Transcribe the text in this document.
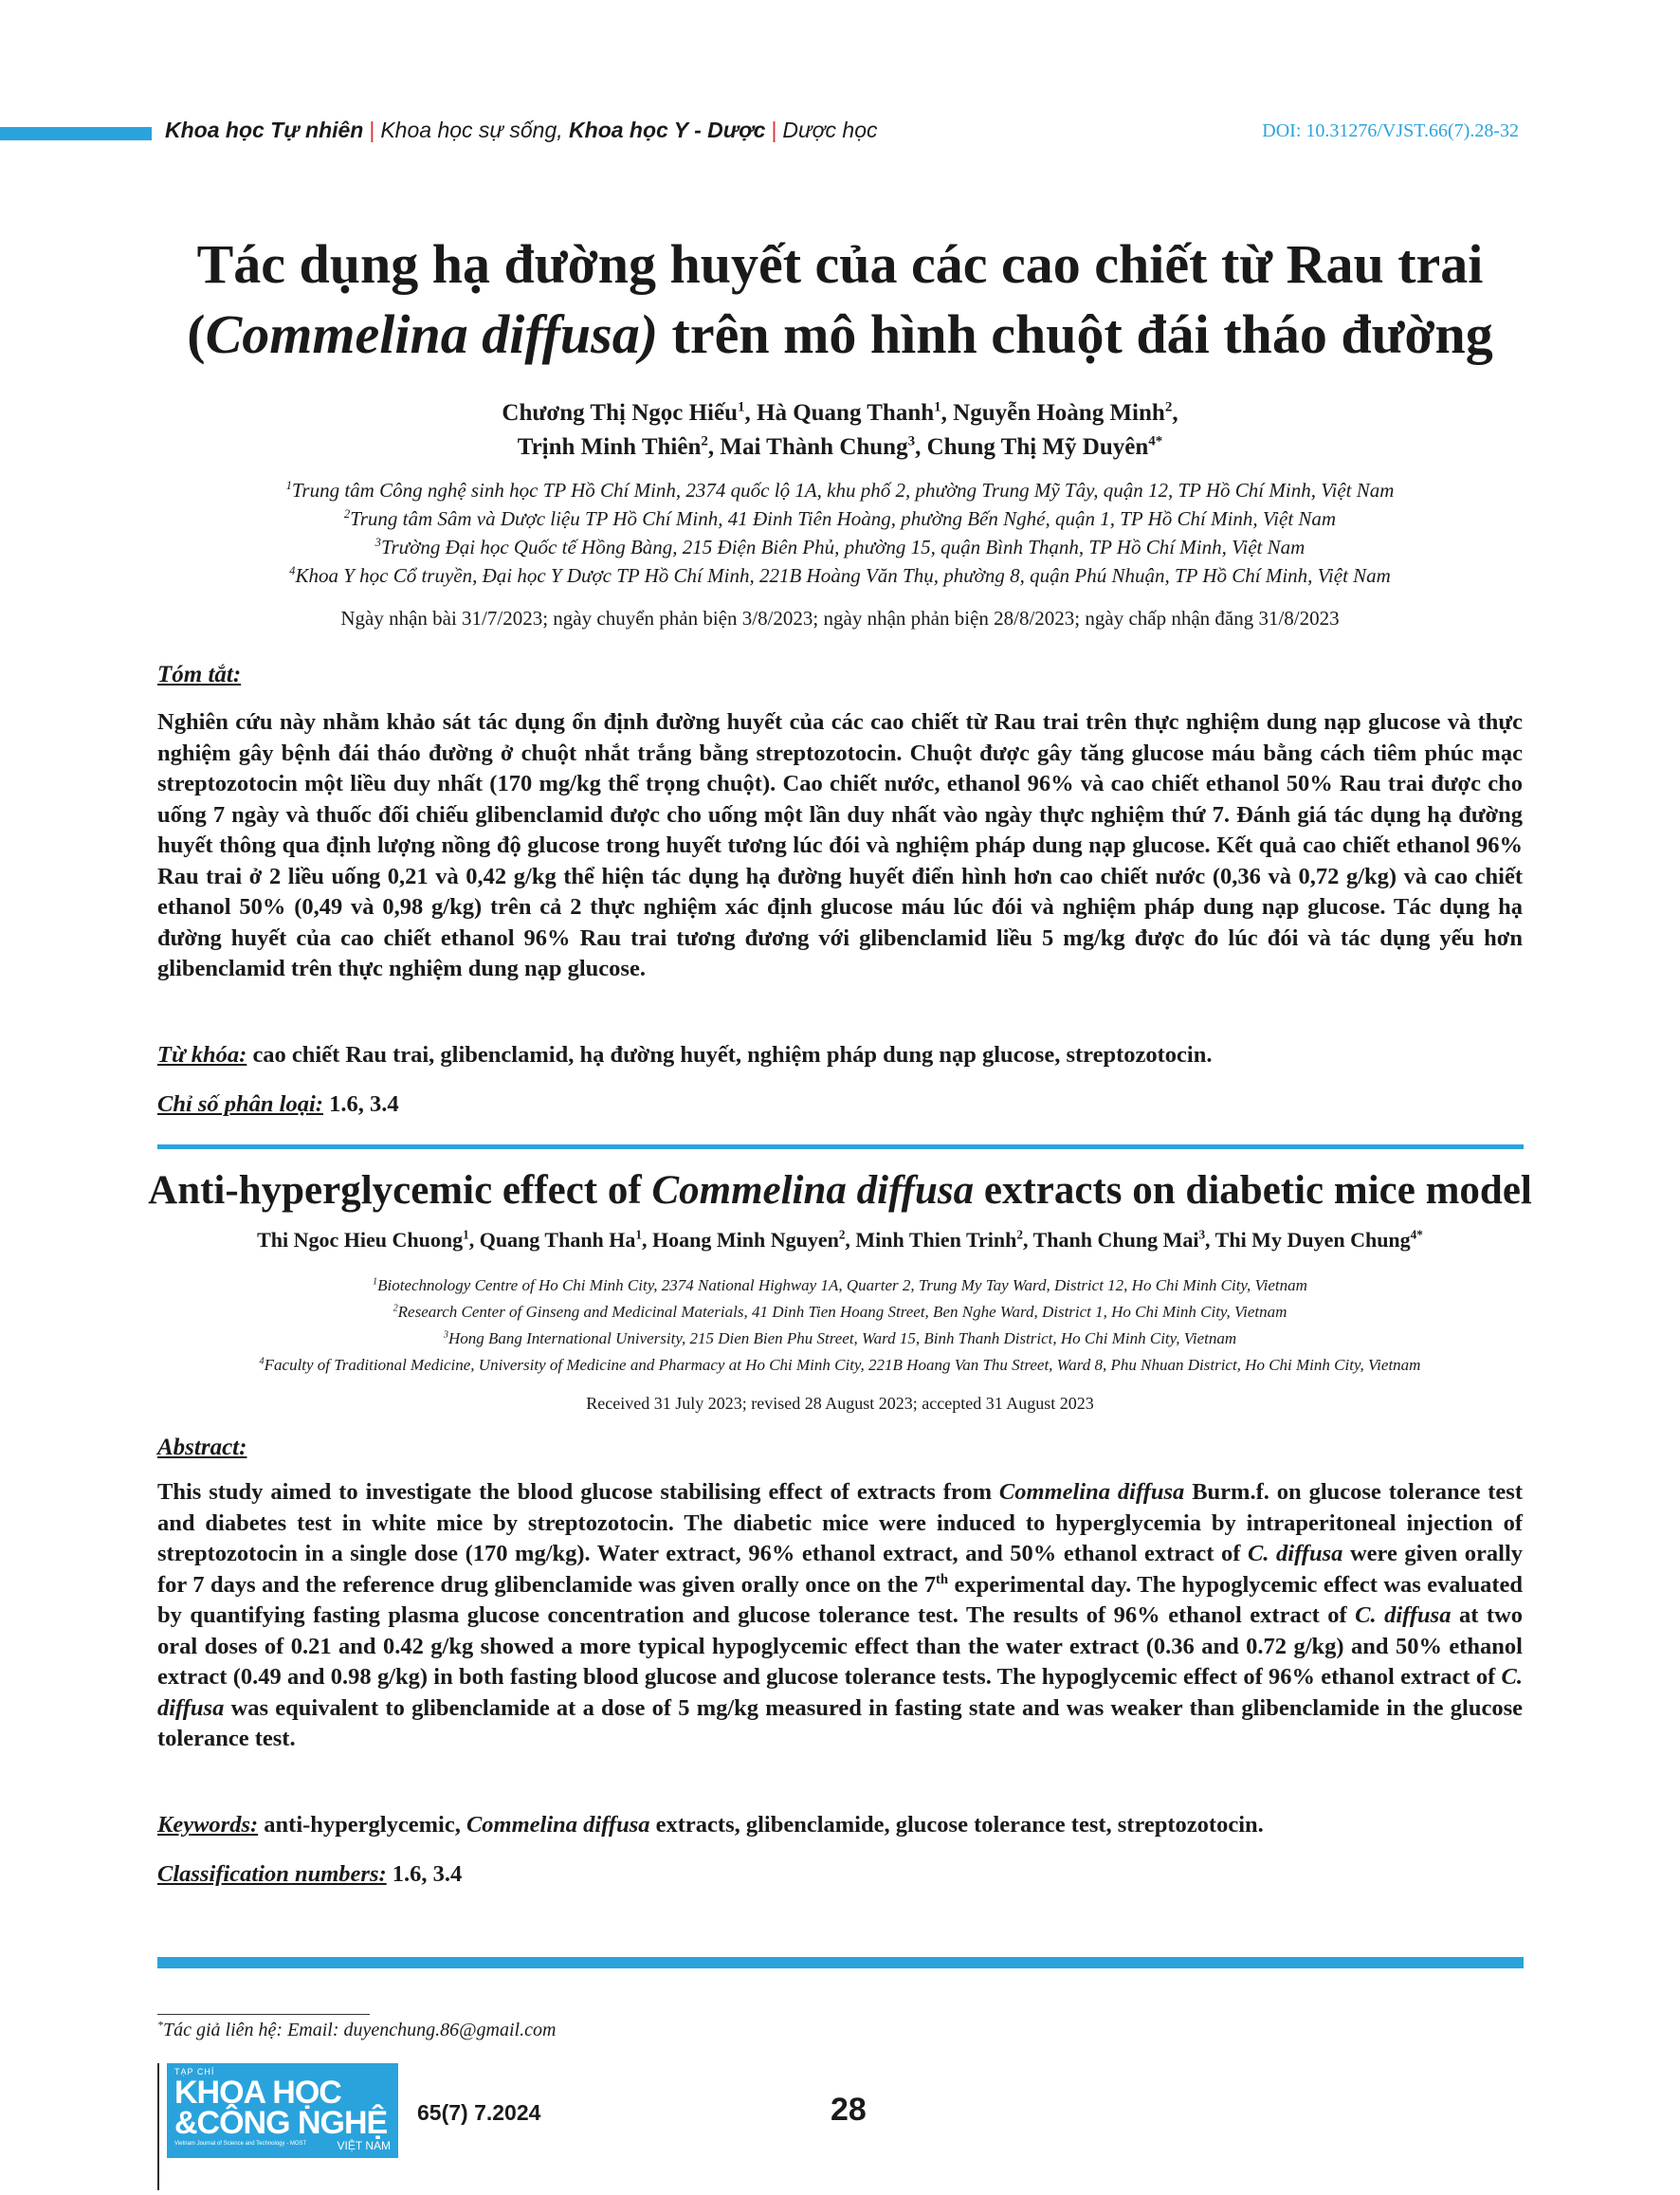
Khoa học Tự nhiên | Khoa học sự sống, Khoa học Y - Dược | Dược học	DOI: 10.31276/VJST.66(7).28-32
Tác dụng hạ đường huyết của các cao chiết từ Rau trai
(Commelina diffusa) trên mô hình chuột đái tháo đường
Chương Thị Ngọc Hiếu$^1$, Hà Quang Thanh$^1$, Nguyễn Hoàng Minh$^2$,
Trịnh Minh Thiên$^2$, Mai Thành Chung$^3$, Chung Thị Mỹ Duyên$^{4*}$
$^1$Trung tâm Công nghệ sinh học TP Hồ Chí Minh, 2374 quốc lộ 1A, khu phố 2, phường Trung Mỹ Tây, quận 12, TP Hồ Chí Minh, Việt Nam
$^2$Trung tâm Sâm và Dược liệu TP Hồ Chí Minh, 41 Đinh Tiên Hoàng, phường Bến Nghé, quận 1, TP Hồ Chí Minh, Việt Nam
$^3$Trường Đại học Quốc tế Hồng Bàng, 215 Điện Biên Phủ, phường 15, quận Bình Thạnh, TP Hồ Chí Minh, Việt Nam
$^4$Khoa Y học Cổ truyền, Đại học Y Dược TP Hồ Chí Minh, 221B Hoàng Văn Thụ, phường 8, quận Phú Nhuận, TP Hồ Chí Minh, Việt Nam
Ngày nhận bài 31/7/2023; ngày chuyển phản biện 3/8/2023; ngày nhận phản biện 28/8/2023; ngày chấp nhận đăng 31/8/2023
Tóm tắt:
Nghiên cứu này nhằm khảo sát tác dụng ổn định đường huyết của các cao chiết từ Rau trai trên thực nghiệm dung nạp glucose và thực nghiệm gây bệnh đái tháo đường ở chuột nhắt trắng bằng streptozotocin. Chuột được gây tăng glucose máu bằng cách tiêm phúc mạc streptozotocin một liều duy nhất (170 mg/kg thể trọng chuột). Cao chiết nước, ethanol 96% và cao chiết ethanol 50% Rau trai được cho uống 7 ngày và thuốc đối chiếu glibenclamid được cho uống một lần duy nhất vào ngày thực nghiệm thứ 7. Đánh giá tác dụng hạ đường huyết thông qua định lượng nồng độ glucose trong huyết tương lúc đói và nghiệm pháp dung nạp glucose. Kết quả cao chiết ethanol 96% Rau trai ở 2 liều uống 0,21 và 0,42 g/kg thể hiện tác dụng hạ đường huyết điển hình hơn cao chiết nước (0,36 và 0,72 g/kg) và cao chiết ethanol 50% (0,49 và 0,98 g/kg) trên cả 2 thực nghiệm xác định glucose máu lúc đói và nghiệm pháp dung nạp glucose. Tác dụng hạ đường huyết của cao chiết ethanol 96% Rau trai tương đương với glibenclamid liều 5 mg/kg được đo lúc đói và tác dụng yếu hơn glibenclamid trên thực nghiệm dung nạp glucose.
Từ khóa: cao chiết Rau trai, glibenclamid, hạ đường huyết, nghiệm pháp dung nạp glucose, streptozotocin.
Chỉ số phân loại: 1.6, 3.4
Anti-hyperglycemic effect of Commelina diffusa extracts on diabetic mice model
Thi Ngoc Hieu Chuong$^1$, Quang Thanh Ha$^1$, Hoang Minh Nguyen$^2$, Minh Thien Trinh$^2$, Thanh Chung Mai$^3$, Thi My Duyen Chung$^{4*}$
$^1$Biotechnology Centre of Ho Chi Minh City, 2374 National Highway 1A, Quarter 2, Trung My Tay Ward, District 12, Ho Chi Minh City, Vietnam
$^2$Research Center of Ginseng and Medicinal Materials, 41 Dinh Tien Hoang Street, Ben Nghe Ward, District 1, Ho Chi Minh City, Vietnam
$^3$Hong Bang International University, 215 Dien Bien Phu Street, Ward 15, Binh Thanh District, Ho Chi Minh City, Vietnam
$^4$Faculty of Traditional Medicine, University of Medicine and Pharmacy at Ho Chi Minh City, 221B Hoang Van Thu Street, Ward 8, Phu Nhuan District, Ho Chi Minh City, Vietnam
Received 31 July 2023; revised 28 August 2023; accepted 31 August 2023
Abstract:
This study aimed to investigate the blood glucose stabilising effect of extracts from Commelina diffusa Burm.f. on glucose tolerance test and diabetes test in white mice by streptozotocin. The diabetic mice were induced to hyperglycemia by intraperitoneal injection of streptozotocin in a single dose (170 mg/kg). Water extract, 96% ethanol extract, and 50% ethanol extract of C. diffusa were given orally for 7 days and the reference drug glibenclamide was given orally once on the 7th experimental day. The hypoglycemic effect was evaluated by quantifying fasting plasma glucose concentration and glucose tolerance test. The results of 96% ethanol extract of C. diffusa at two oral doses of 0.21 and 0.42 g/kg showed a more typical hypoglycemic effect than the water extract (0.36 and 0.72 g/kg) and 50% ethanol extract (0.49 and 0.98 g/kg) in both fasting blood glucose and glucose tolerance tests. The hypoglycemic effect of 96% ethanol extract of C. diffusa was equivalent to glibenclamide at a dose of 5 mg/kg measured in fasting state and was weaker than glibenclamide in the glucose tolerance test.
Keywords: anti-hyperglycemic, Commelina diffusa extracts, glibenclamide, glucose tolerance test, streptozotocin.
Classification numbers: 1.6, 3.4
*Tác giả liên hệ: Email: duyenchung.86@gmail.com
TẠP CHÍ
KHOA HỌC
&CÔNG NGHỆ
Vietnam Journal of Science and Technology - MOST	VIỆT NAM
65(7) 7.2024	28
